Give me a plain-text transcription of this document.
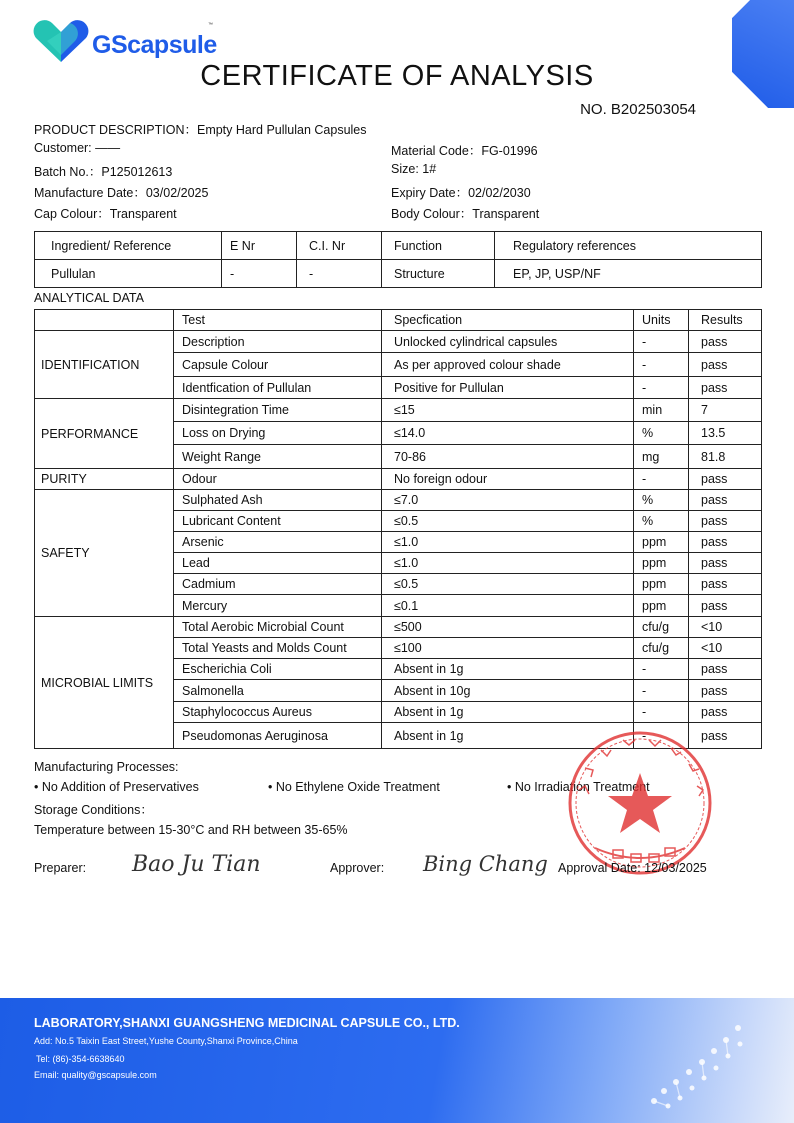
GScapsule
™
CERTIFICATE OF ANALYSIS
NO. B202503054
PRODUCT DESCRIPTION：Empty Hard Pullulan Capsules
Customer: ——	Material Code：FG-01996
Batch No.：P125012613	Size: 1#
Manufacture Date：03/02/2025	Expiry Date：02/02/2030
Cap Colour：Transparent	Body Colour：Transparent
Ingredient/ Reference	E Nr	C.I. Nr	Function	Regulatory references
Pullulan	-	-	Structure	EP, JP, USP/NF
ANALYTICAL DATA
	Test	Specfication	Units	Results
IDENTIFICATION	Description	Unlocked cylindrical capsules	-	pass
	Capsule Colour	As per approved colour shade	-	pass
	Identfication of Pullulan	Positive for Pullulan	-	pass
PERFORMANCE	Disintegration Time	≤15	min	7
	Loss on Drying	≤14.0	%	13.5
	Weight Range	70-86	mg	81.8
PURITY	Odour	No foreign odour	-	pass
SAFETY	Sulphated Ash	≤7.0	%	pass
	Lubricant Content	≤0.5	%	pass
	Arsenic	≤1.0	ppm	pass
	Lead	≤1.0	ppm	pass
	Cadmium	≤0.5	ppm	pass
	Mercury	≤0.1	ppm	pass
MICROBIAL LIMITS	Total Aerobic Microbial Count	≤500	cfu/g	<10
	Total Yeasts and Molds Count	≤100	cfu/g	<10
	Escherichia Coli	Absent in 1g	-	pass
	Salmonella	Absent in 10g	-	pass
	Staphylococcus Aureus	Absent in 1g	-	pass
	Pseudomonas Aeruginosa	Absent in 1g	-	pass
Manufacturing Processes:
• No Addition of Preservatives	• No Ethylene Oxide Treatment	• No Irradiation Treatment
Storage Conditions：
Temperature between 15-30°C and RH between 35-65%
Preparer: Bao Ju Tian	Approver: Bing Chang Approval Date: 12/03/2025
LABORATORY,SHANXI GUANGSHENG MEDICINAL CAPSULE CO., LTD.
Add: No.5 Taixin East Street,Yushe County,Shanxi Province,China
Tel: (86)-354-6638640
Email: quality@gscapsule.com
